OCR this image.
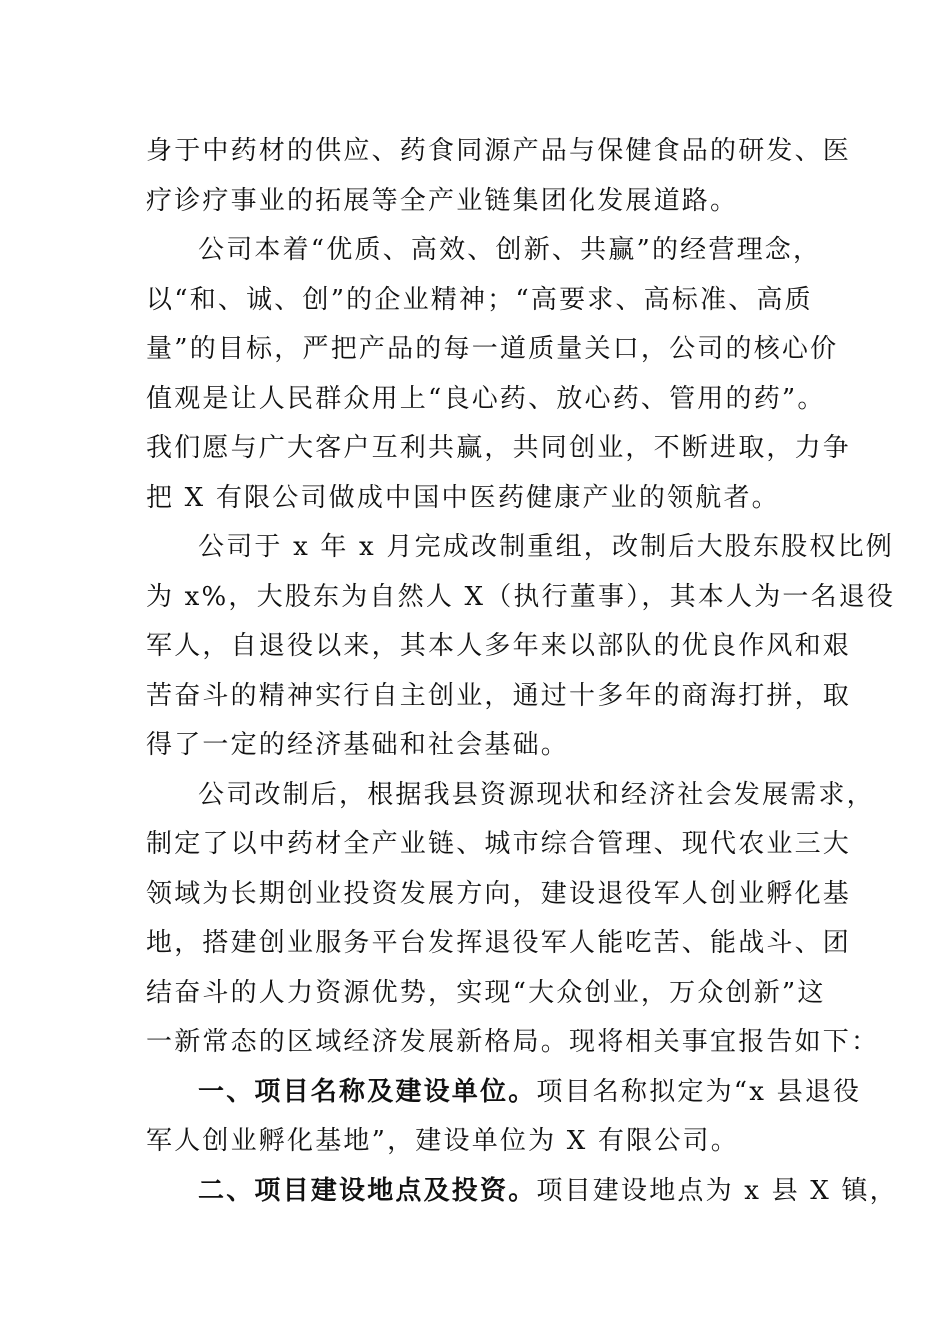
身于中药材的供应、药食同源产品与保健食品的研发、医
疗诊疗事业的拓展等全产业链集团化发展道路。
公司本着“优质、高效、创新、共赢”的经营理念，
以“和、诚、创”的企业精神；“高要求、高标准、高质
量”的目标，严把产品的每一道质量关口，公司的核心价
值观是让人民群众用上“良心药、放心药、管用的药”。
我们愿与广大客户互利共赢，共同创业，不断进取，力争
把 X 有限公司做成中国中医药健康产业的领航者。
公司于 x 年 x 月完成改制重组，改制后大股东股权比例
为 x%，大股东为自然人 X（执行董事），其本人为一名退役
军人，自退役以来，其本人多年来以部队的优良作风和艰
苦奋斗的精神实行自主创业，通过十多年的商海打拼，取
得了一定的经济基础和社会基础。
公司改制后，根据我县资源现状和经济社会发展需求，
制定了以中药材全产业链、城市综合管理、现代农业三大
领域为长期创业投资发展方向，建设退役军人创业孵化基
地，搭建创业服务平台发挥退役军人能吃苦、能战斗、团
结奋斗的人力资源优势，实现“大众创业，万众创新”这
一新常态的区域经济发展新格局。现将相关事宜报告如下：
一、项目名称及建设单位。项目名称拟定为“x 县退役
军人创业孵化基地”，建设单位为 X 有限公司。
二、项目建设地点及投资。项目建设地点为 x 县 X 镇，
